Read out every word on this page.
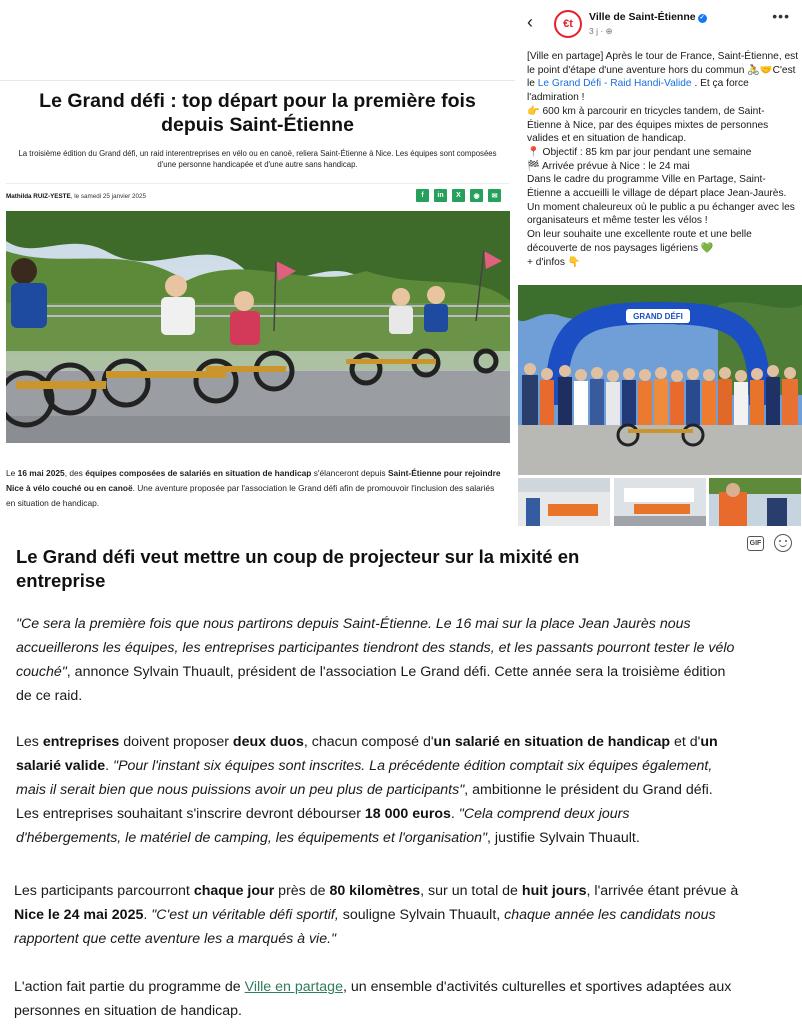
Le Grand défi : top départ pour la première fois depuis Saint-Étienne

La troisième édition du Grand défi, un raid interentreprises en vélo ou en canoë, reliera Saint-Étienne à Nice. Les équipes sont composées d'une personne handicapée et d'une autre sans handicap.

Mathilda RUIZ-YESTE, le samedi 25 janvier 2025	f	in	X	◉	✉

Le 16 mai 2025, des équipes composées de salariés en situation de handicap s'élanceront depuis Saint-Étienne pour rejoindre Nice à vélo couché ou en canoë. Une aventure proposée par l'association le Grand défi afin de promouvoir l'inclusion des salariés en situation de handicap.

‹	€t
Ville de Saint-Étienne ✓
3 j · ⊕
•••

[Ville en partage] Après le tour de France, Saint-Étienne, est le point d'étape d'une aventure hors du commun 🚴🤝C'est le Le Grand Défi - Raid Handi-Valide . Et ça force l'admiration !

👉 600 km à parcourir en tricycles tandem, de Saint-Étienne à Nice, par des équipes mixtes de personnes valides et en situation de handicap.

📍 Objectif : 85 km par jour pendant une semaine

🏁 Arrivée prévue à Nice : le 24 mai

Dans le cadre du programme Ville en Partage, Saint-Étienne a accueilli le village de départ place Jean-Jaurès. Un moment chaleureux où le public a pu échanger avec les organisateurs et même tester les vélos !

On leur souhaite une excellente route et une belle découverte de nos paysages ligériens 💚

+ d'infos 👇

GRAND DÉFI
GIF
Le Grand défi veut mettre un coup de projecteur sur la mixité en entreprise

"Ce sera la première fois que nous partirons depuis Saint-Étienne. Le 16 mai sur la place Jean Jaurès nous accueillerons les équipes, les entreprises participantes tiendront des stands, et les passants pourront tester le vélo couché", annonce Sylvain Thuault, président de l'association Le Grand défi. Cette année sera la troisième édition de ce raid.

Les entreprises doivent proposer deux duos, chacun composé d'un salarié en situation de handicap et d'un salarié valide. "Pour l'instant six équipes sont inscrites. La précédente édition comptait six équipes également, mais il serait bien que nous puissions avoir un peu plus de participants", ambitionne le président du Grand défi. Les entreprises souhaitant s'inscrire devront débourser 18 000 euros. "Cela comprend deux jours d'hébergements, le matériel de camping, les équipements et l'organisation", justifie Sylvain Thuault.

Les participants parcourront chaque jour près de 80 kilomètres, sur un total de huit jours, l'arrivée étant prévue à Nice le 24 mai 2025. "C'est un véritable défi sportif, souligne Sylvain Thuault, chaque année les candidats nous rapportent que cette aventure les a marqués à vie."

L'action fait partie du programme de Ville en partage, un ensemble d'activités culturelles et sportives adaptées aux personnes en situation de handicap.
